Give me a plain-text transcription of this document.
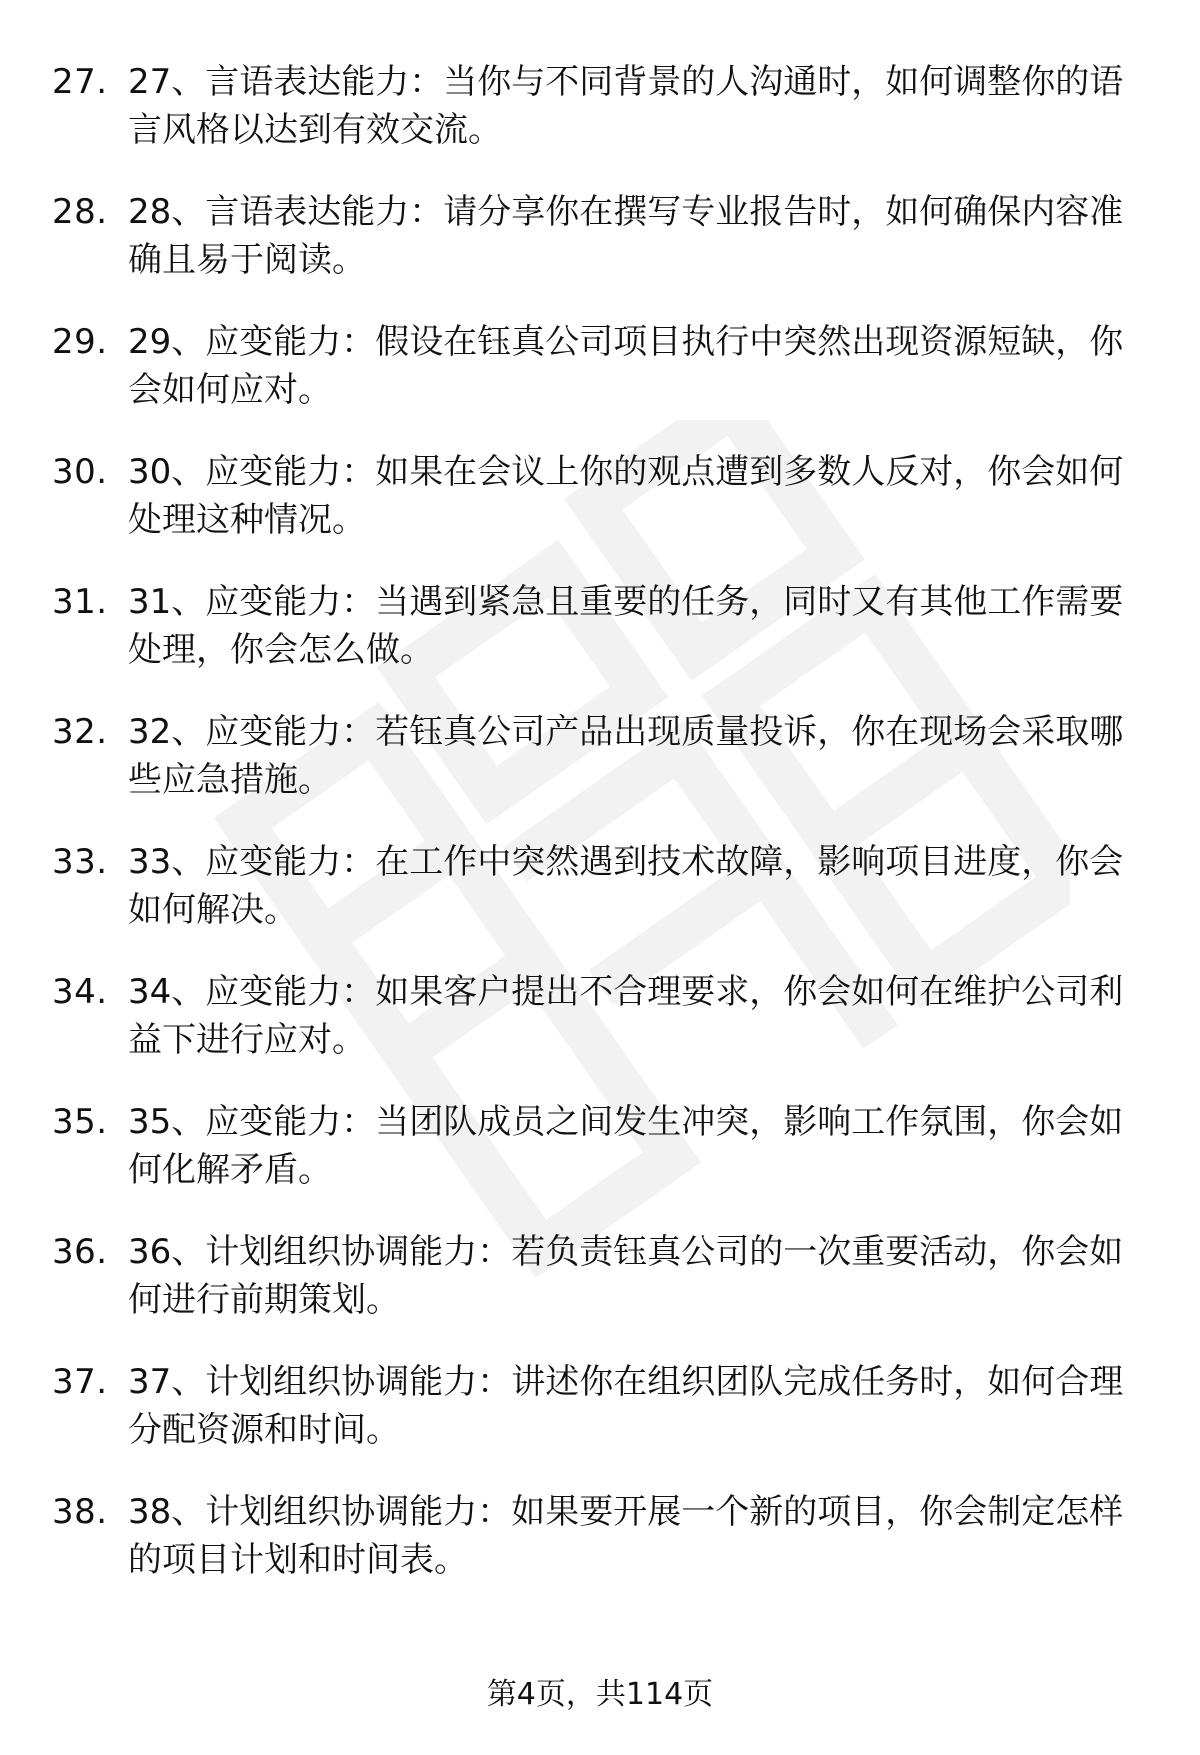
27. 27、言语表达能力：当你与不同背景的人沟通时，如何调整你的语言风格以达到有效交流。
28. 28、言语表达能力：请分享你在撰写专业报告时，如何确保内容准确且易于阅读。
29. 29、应变能力：假设在钰真公司项目执行中突然出现资源短缺，你会如何应对。
30. 30、应变能力：如果在会议上你的观点遭到多数人反对，你会如何处理这种情况。
31. 31、应变能力：当遇到紧急且重要的任务，同时又有其他工作需要处理，你会怎么做。
32. 32、应变能力：若钰真公司产品出现质量投诉，你在现场会采取哪些应急措施。
33. 33、应变能力：在工作中突然遇到技术故障，影响项目进度，你会如何解决。
34. 34、应变能力：如果客户提出不合理要求，你会如何在维护公司利益下进行应对。
35. 35、应变能力：当团队成员之间发生冲突，影响工作氛围，你会如何化解矛盾。
36. 36、计划组织协调能力：若负责钰真公司的一次重要活动，你会如何进行前期策划。
37. 37、计划组织协调能力：讲述你在组织团队完成任务时，如何合理分配资源和时间。
38. 38、计划组织协调能力：如果要开展一个新的项目，你会制定怎样的项目计划和时间表。
第4页，共114页
